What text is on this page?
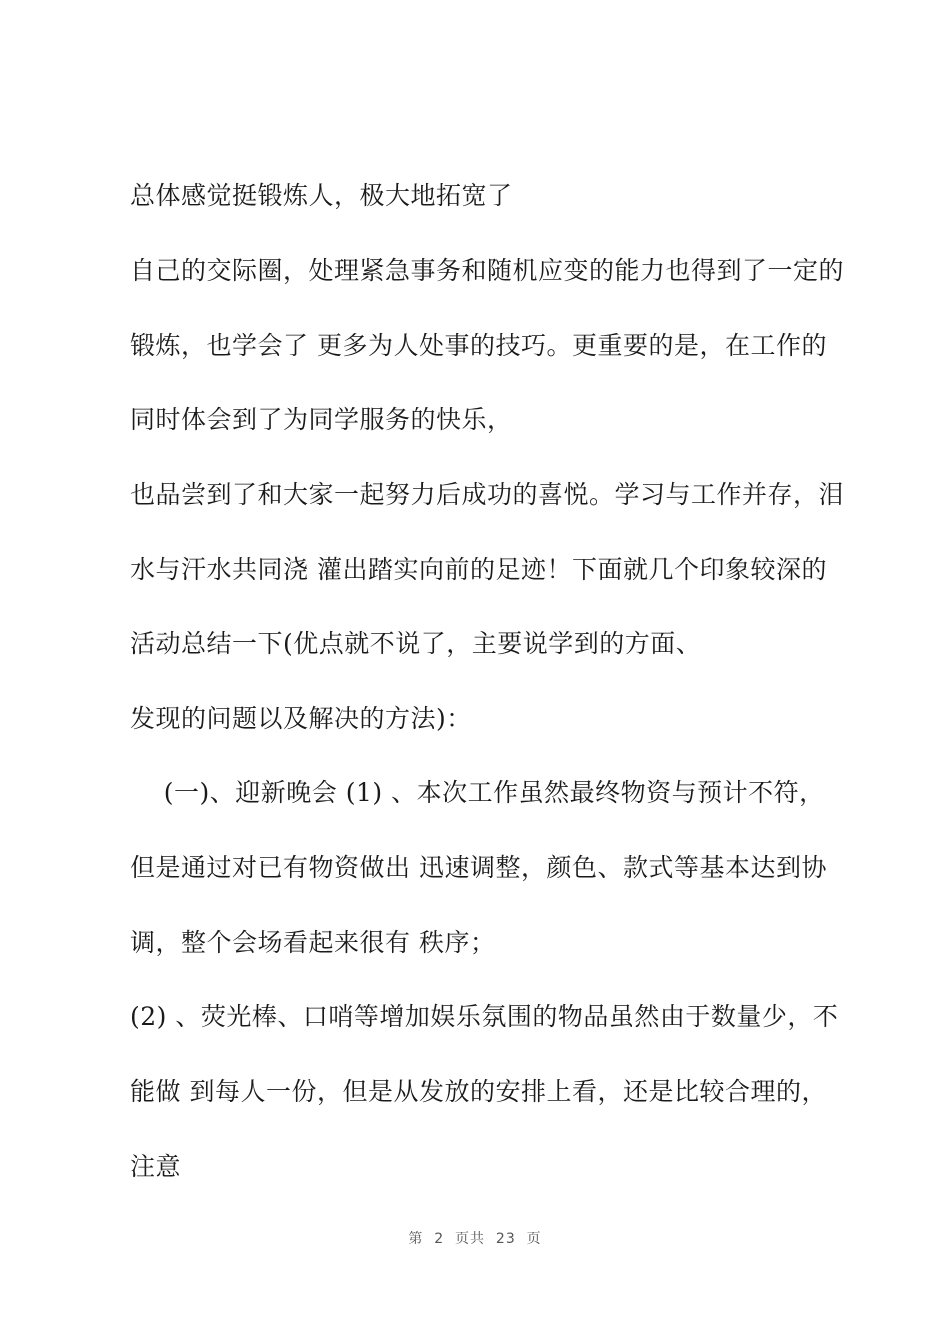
总体感觉挺锻炼人，极大地拓宽了
自己的交际圈，处理紧急事务和随机应变的能力也得到了一定的
锻炼，也学会了 更多为人处事的技巧。更重要的是，在工作的
同时体会到了为同学服务的快乐，
也品尝到了和大家一起努力后成功的喜悦。学习与工作并存，泪
水与汗水共同浇 灌出踏实向前的足迹！下面就几个印象较深的
活动总结一下(优点就不说了，主要说学到的方面、
发现的问题以及解决的方法)：
(一)、迎新晚会 (1) 、本次工作虽然最终物资与预计不符，
但是通过对已有物资做出 迅速调整，颜色、款式等基本达到协
调，整个会场看起来很有 秩序；
(2) 、荧光棒、口哨等增加娱乐氛围的物品虽然由于数量少，不
能做 到每人一份，但是从发放的安排上看，还是比较合理的，
注意
第  2  页共  23  页
